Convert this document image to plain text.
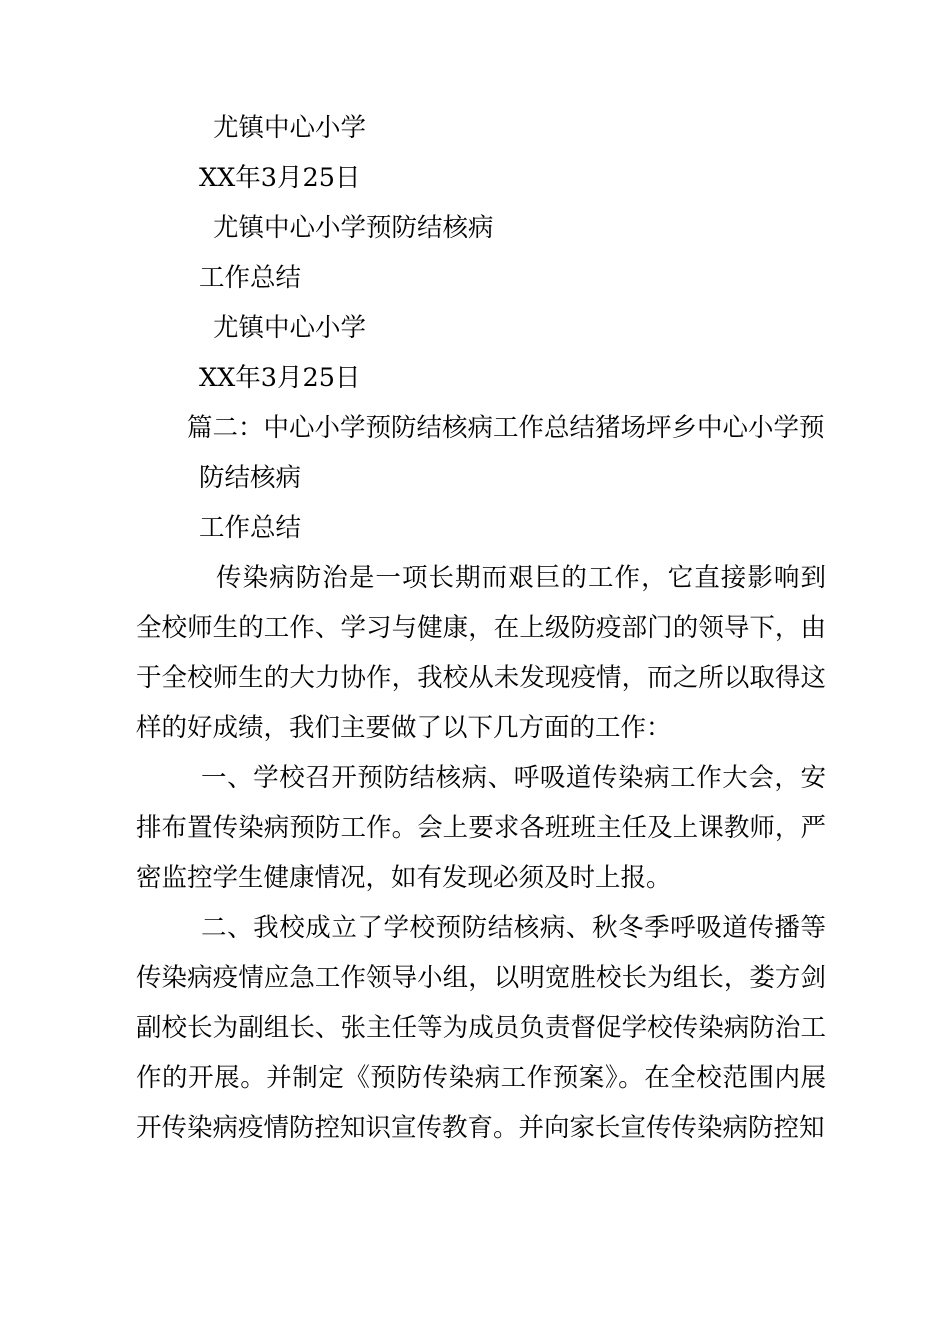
尤镇中心小学
XX年3月25日
尤镇中心小学预防结核病
工作总结
尤镇中心小学
XX年3月25日
篇二：中心小学预防结核病工作总结猪场坪乡中心小学预
防结核病
工作总结

传染病防治是一项长期而艰巨的工作，它直接影响到全校师生的工作、学习与健康，在上级防疫部门的领导下，由于全校师生的大力协作，我校从未发现疫情，而之所以取得这样的好成绩，我们主要做了以下几方面的工作：

一、学校召开预防结核病、呼吸道传染病工作大会，安排布置传染病预防工作。会上要求各班班主任及上课教师，严密监控学生健康情况，如有发现必须及时上报。

二、我校成立了学校预防结核病、秋冬季呼吸道传播等传染病疫情应急工作领导小组，以明宽胜校长为组长，娄方剑副校长为副组长、张主任等为成员负责督促学校传染病防治工作的开展。并制定《预防传染病工作预案》。在全校范围内展开传染病疫情防控知识宣传教育。并向家长宣传传染病防控知
